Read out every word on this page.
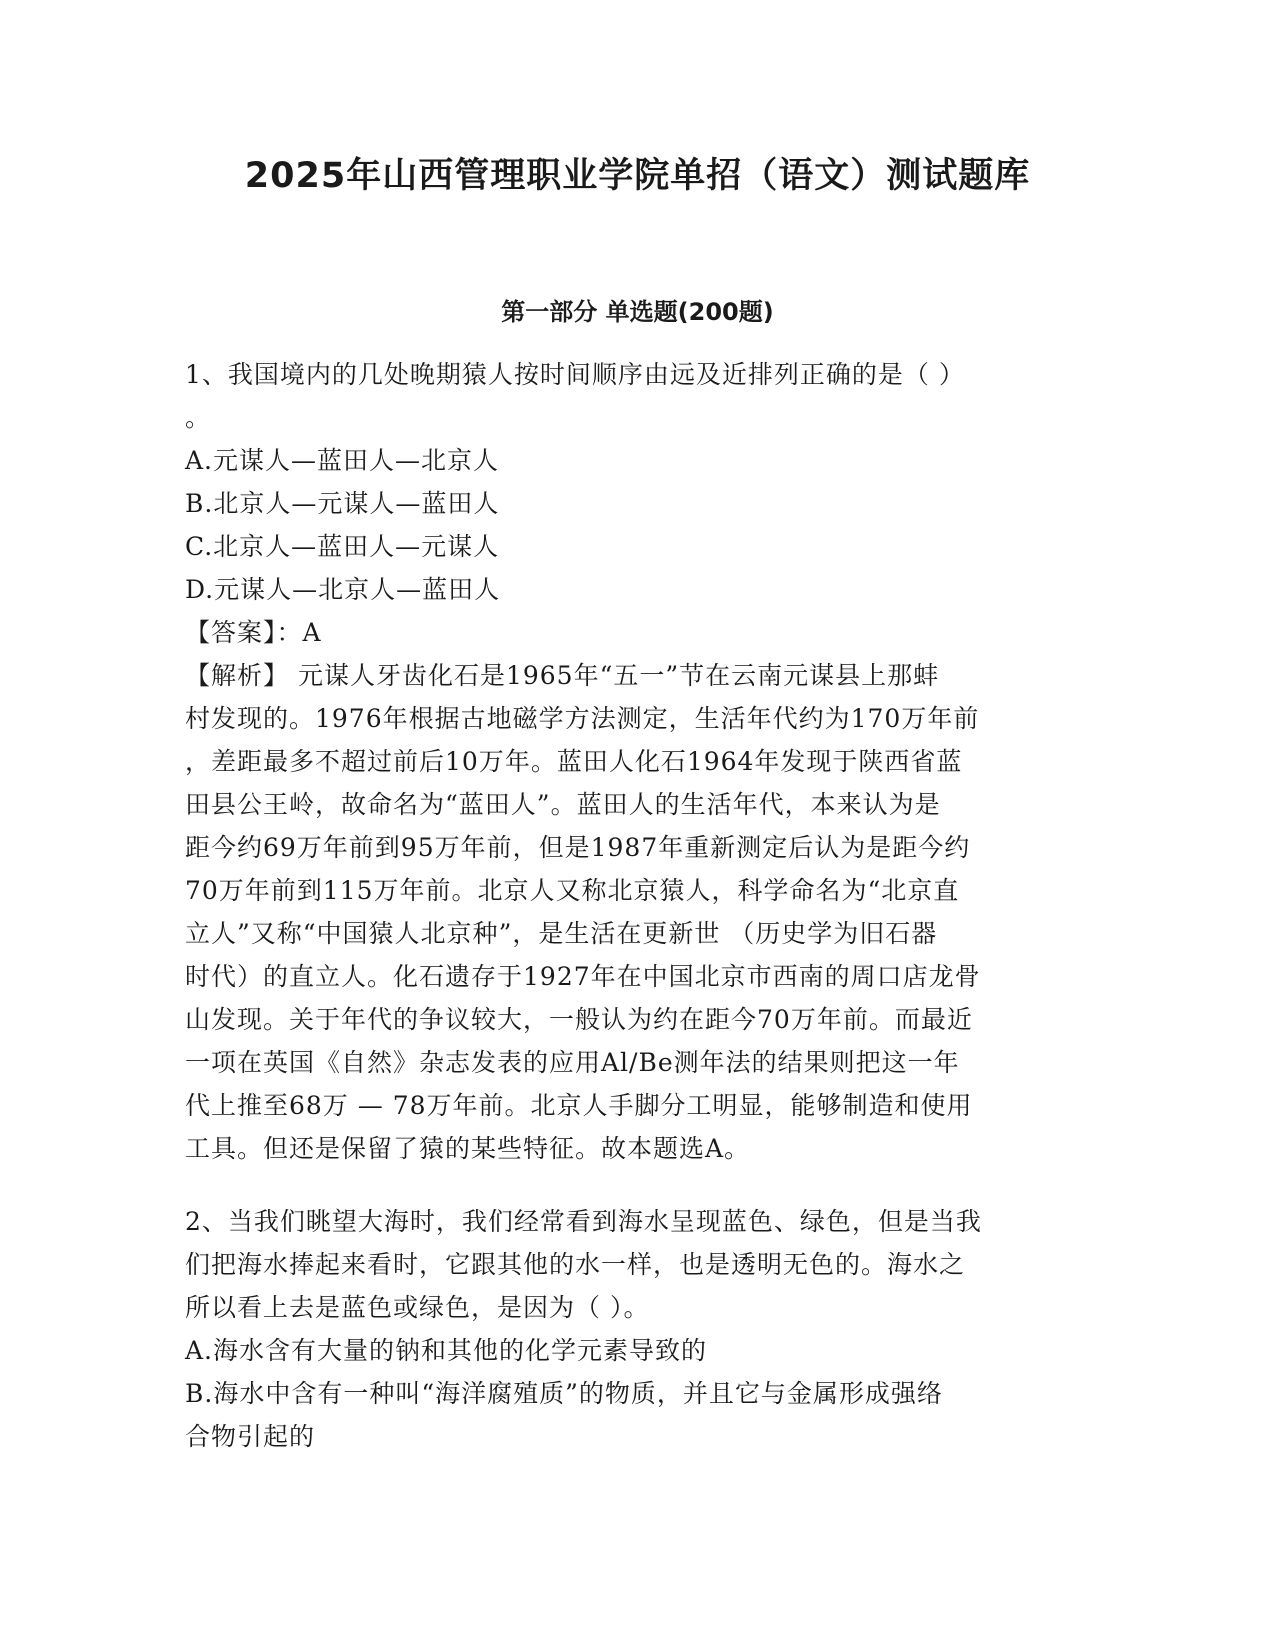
2025年山西管理职业学院单招（语文）测试题库
第一部分 单选题(200题)
1、我国境内的几处晚期猿人按时间顺序由远及近排列正确的是（ ）
。
A.元谋人—蓝田人—北京人
B.北京人—元谋人—蓝田人
C.北京人—蓝田人—元谋人
D.元谋人—北京人—蓝田人
【答案】：A
【解析】 元谋人牙齿化石是1965年“五一”节在云南元谋县上那蚌
村发现的。1976年根据古地磁学方法测定，生活年代约为170万年前
，差距最多不超过前后10万年。蓝田人化石1964年发现于陕西省蓝
田县公王岭，故命名为“蓝田人”。蓝田人的生活年代，本来认为是
距今约69万年前到95万年前，但是1987年重新测定后认为是距今约
70万年前到115万年前。北京人又称北京猿人，科学命名为“北京直
立人”又称“中国猿人北京种”，是生活在更新世 （历史学为旧石器
时代）的直立人。化石遗存于1927年在中国北京市西南的周口店龙骨
山发现。关于年代的争议较大，一般认为约在距今70万年前。而最近
一项在英国《自然》杂志发表的应用Al/Be测年法的结果则把这一年
代上推至68万 — 78万年前。北京人手脚分工明显，能够制造和使用
工具。但还是保留了猿的某些特征。故本题选A。
2、当我们眺望大海时，我们经常看到海水呈现蓝色、绿色，但是当我
们把海水捧起来看时，它跟其他的水一样，也是透明无色的。海水之
所以看上去是蓝色或绿色，是因为（ ）。
A.海水含有大量的钠和其他的化学元素导致的
B.海水中含有一种叫“海洋腐殖质”的物质，并且它与金属形成强络
合物引起的
